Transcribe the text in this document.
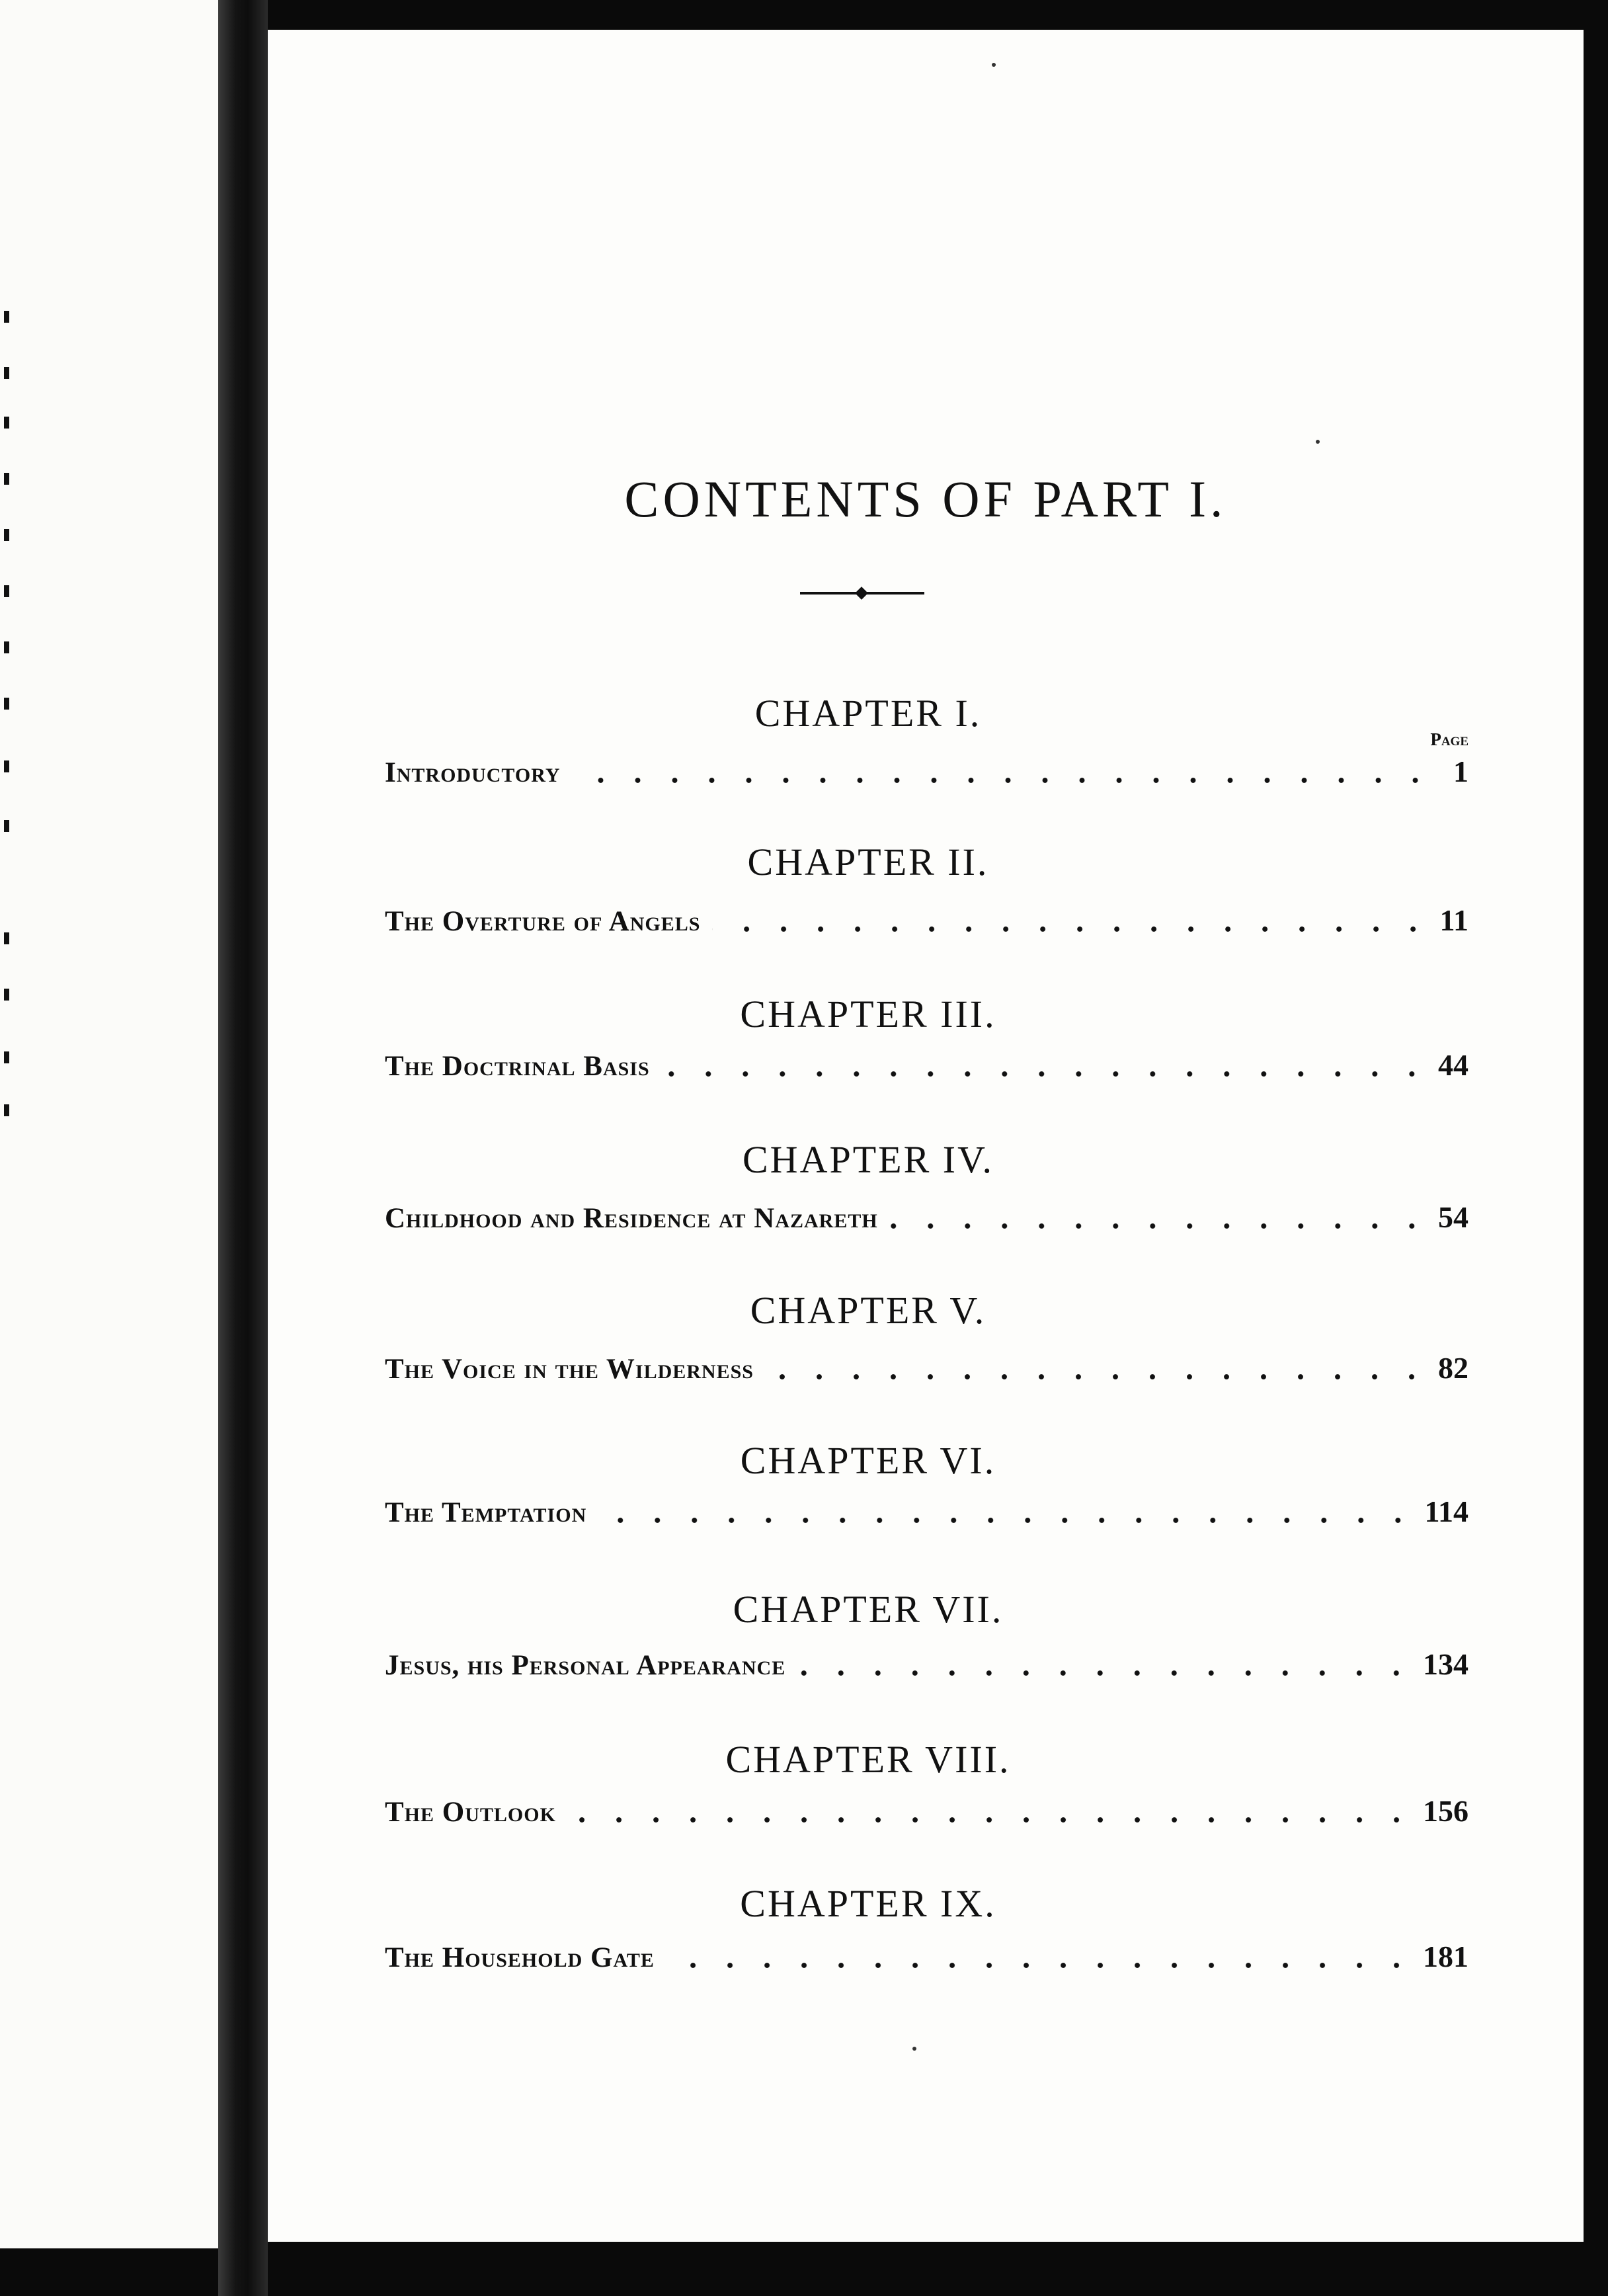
CONTENTS OF PART I.
Page
CHAPTER I.
Introductory	1
CHAPTER II.
The Overture of Angels	11
CHAPTER III.
The Doctrinal Basis	44
CHAPTER IV.
Childhood and Residence at Nazareth	54
CHAPTER V.
The Voice in the Wilderness	82
CHAPTER VI.
The Temptation	114
CHAPTER VII.
Jesus, his Personal Appearance	134
CHAPTER VIII.
The Outlook	156
CHAPTER IX.
The Household Gate	181
